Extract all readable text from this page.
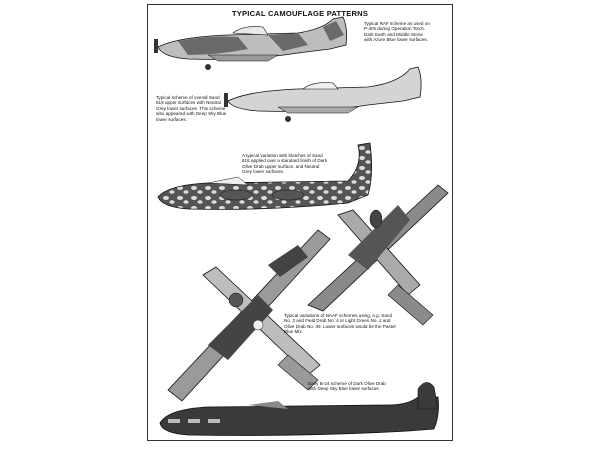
TYPICAL CAMOUFLAGE PATTERNS
Typical RAF scheme as used on
P-40s during Operation Torch.
Dark Earth and Middle Stone
with Azure Blue lower surfaces.
Typical scheme of overall Sand
616 upper surfaces with Neutral
Grey lower surfaces. This scheme
also appeared with Deep Sky Blue
lower surfaces.
A typical variation with blotches of Sand
616 applied over a standard finish of Dark
Olive Drab upper surface, and Neutral
Grey lower surfaces.
Typical variations of NAAF schemes using, e.g. Sand
No. 3 and Field Drab No. 4 or Light Green No. 1 and
Olive Drab No. 39. Lower surfaces would be the Pastel
Blue Mix.
Early B-24 scheme of Dark Olive Drab
with Deep Sky Blue lower surfaces.
